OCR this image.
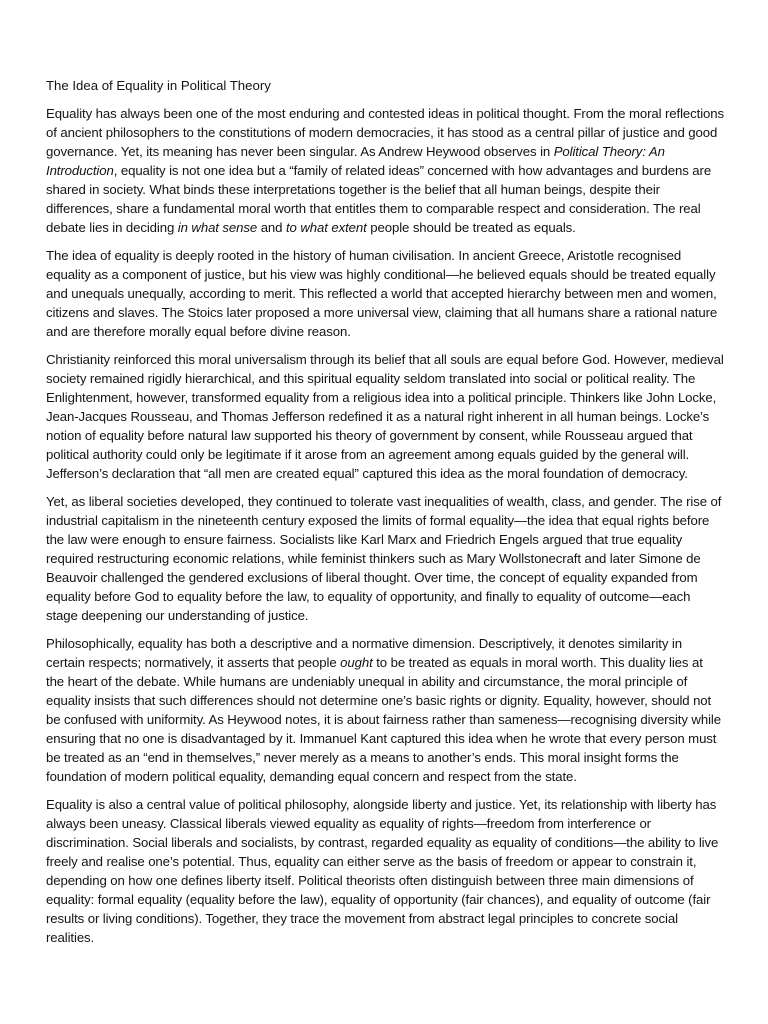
The Idea of Equality in Political Theory

Equality has always been one of the most enduring and contested ideas in political thought. From the moral reflections of ancient philosophers to the constitutions of modern democracies, it has stood as a central pillar of justice and good governance. Yet, its meaning has never been singular. As Andrew Heywood observes in Political Theory: An Introduction, equality is not one idea but a “family of related ideas” concerned with how advantages and burdens are shared in society. What binds these interpretations together is the belief that all human beings, despite their differences, share a fundamental moral worth that entitles them to comparable respect and consideration. The real debate lies in deciding in what sense and to what extent people should be treated as equals.

The idea of equality is deeply rooted in the history of human civilisation. In ancient Greece, Aristotle recognised equality as a component of justice, but his view was highly conditional—he believed equals should be treated equally and unequals unequally, according to merit. This reflected a world that accepted hierarchy between men and women, citizens and slaves. The Stoics later proposed a more universal view, claiming that all humans share a rational nature and are therefore morally equal before divine reason.

Christianity reinforced this moral universalism through its belief that all souls are equal before God. However, medieval society remained rigidly hierarchical, and this spiritual equality seldom translated into social or political reality. The Enlightenment, however, transformed equality from a religious idea into a political principle. Thinkers like John Locke, Jean-Jacques Rousseau, and Thomas Jefferson redefined it as a natural right inherent in all human beings. Locke’s notion of equality before natural law supported his theory of government by consent, while Rousseau argued that political authority could only be legitimate if it arose from an agreement among equals guided by the general will. Jefferson’s declaration that “all men are created equal” captured this idea as the moral foundation of democracy.

Yet, as liberal societies developed, they continued to tolerate vast inequalities of wealth, class, and gender. The rise of industrial capitalism in the nineteenth century exposed the limits of formal equality—the idea that equal rights before the law were enough to ensure fairness. Socialists like Karl Marx and Friedrich Engels argued that true equality required restructuring economic relations, while feminist thinkers such as Mary Wollstonecraft and later Simone de Beauvoir challenged the gendered exclusions of liberal thought. Over time, the concept of equality expanded from equality before God to equality before the law, to equality of opportunity, and finally to equality of outcome—each stage deepening our understanding of justice.

Philosophically, equality has both a descriptive and a normative dimension. Descriptively, it denotes similarity in certain respects; normatively, it asserts that people ought to be treated as equals in moral worth. This duality lies at the heart of the debate. While humans are undeniably unequal in ability and circumstance, the moral principle of equality insists that such differences should not determine one’s basic rights or dignity. Equality, however, should not be confused with uniformity. As Heywood notes, it is about fairness rather than sameness—recognising diversity while ensuring that no one is disadvantaged by it. Immanuel Kant captured this idea when he wrote that every person must be treated as an “end in themselves,” never merely as a means to another’s ends. This moral insight forms the foundation of modern political equality, demanding equal concern and respect from the state.

Equality is also a central value of political philosophy, alongside liberty and justice. Yet, its relationship with liberty has always been uneasy. Classical liberals viewed equality as equality of rights—freedom from interference or discrimination. Social liberals and socialists, by contrast, regarded equality as equality of conditions—the ability to live freely and realise one’s potential. Thus, equality can either serve as the basis of freedom or appear to constrain it, depending on how one defines liberty itself. Political theorists often distinguish between three main dimensions of equality: formal equality (equality before the law), equality of opportunity (fair chances), and equality of outcome (fair results or living conditions). Together, they trace the movement from abstract legal principles to concrete social realities.
